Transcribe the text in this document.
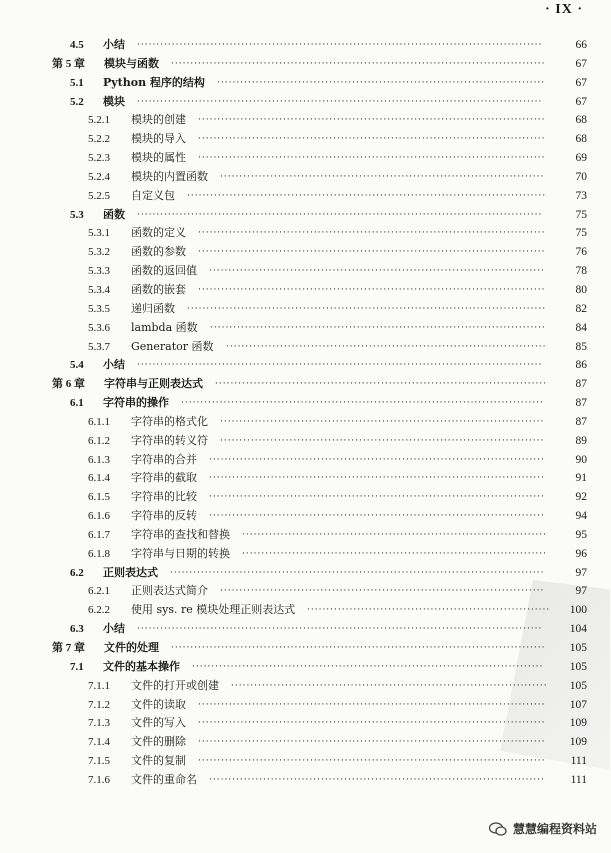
· IX ·
4.5 小结	66
·········································································································
第 5 章 模块与函数	67
·································································································
5.1 Python 程序的结构	67
·····················································································
5.2 模块	67
·········································································································
5.2.1 模块的创建	68
··························································································
5.2.2 模块的导入	68
··························································································
5.2.3 模块的属性	69
··························································································
5.2.4 模块的内置函数	70
····················································································
5.2.5 自定义包	73
·····························································································
5.3 函数	75
·········································································································
5.3.1 函数的定义	75
··························································································
5.3.2 函数的参数	76
··························································································
5.3.3 函数的返回值	78
·······················································································
5.3.4 函数的嵌套	80
··························································································
5.3.5 递归函数	82
·····························································································
5.3.6 lambda 函数	84
·······················································································
5.3.7 Generator 函数	85
···················································································
5.4 小结	86
·········································································································
第 6 章 字符串与正则表达式	87
······················································································
6.1 字符串的操作	87
······························································································
6.1.1 字符串的格式化	87
····················································································
6.1.2 字符串的转义符	89
····················································································
6.1.3 字符串的合并	90
·······················································································
6.1.4 字符串的截取	91
·······················································································
6.1.5 字符串的比较	92
·······················································································
6.1.6 字符串的反转	94
·······················································································
6.1.7 字符串的查找和替换	95
···············································································
6.1.8 字符串与日期的转换	96
···············································································
6.2 正则表达式	97
·································································································
6.2.1 正则表达式简介	97
····················································································
6.2.2 使用 sys. re 模块处理正则表达式	100
·······························································
6.3 小结	104
·········································································································
第 7 章 文件的处理	105
·································································································
7.1 文件的基本操作	105
···························································································
7.1.1 文件的打开或创建	105
··················································································
7.1.2 文件的读取	107
··························································································
7.1.3 文件的写入	109
··························································································
7.1.4 文件的删除	109
··························································································
7.1.5 文件的复制	111
··························································································
7.1.6 文件的重命名	111
·······················································································
慧慧编程资料站
